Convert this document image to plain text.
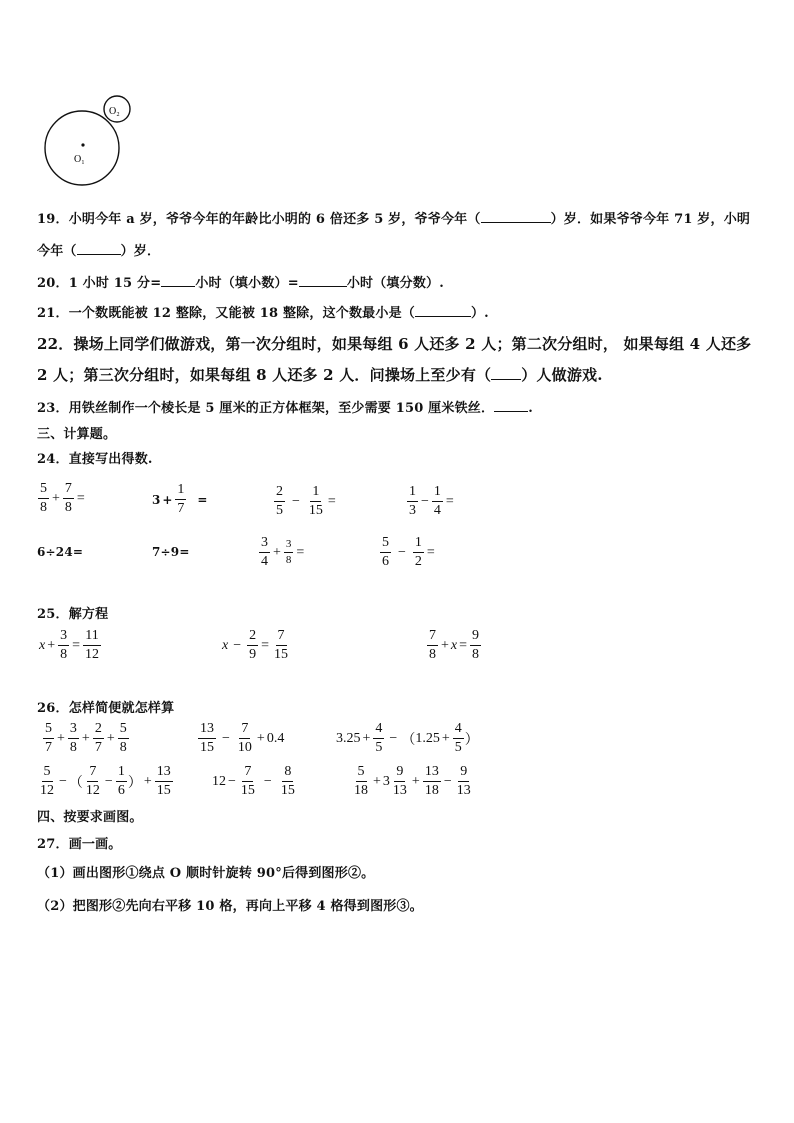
O₁
O₂
19．小明今年 a 岁，爷爷今年的年龄比小明的 6 倍还多 5 岁，爷爷今年（	）岁．如果爷爷今年 71 岁，小明
今年（	）岁．
20．1 小时 15 分=	小时（填小数）=	小时（填分数）.
21．一个数既能被 12 整除，又能被 18 整除，这个数最小是（	）.
22．操场上同学们做游戏，第一次分组时，如果每组 6 人还多 2 人；第二次分组时， 如果每组 4 人还多
2 人；第三次分组时，如果每组 8 人还多 2 人．问操场上至少有（ ）人做游戏.
23．用铁丝制作一个棱长是 5 厘米的正方体框架，至少需要 150 厘米铁丝．	.
三、计算题。
24．直接写出得数.
$\frac{5}{8} + \frac{7}{8}$ =	$3 + \frac{1}{7}$ =	$\frac{2}{5} - \frac{1}{15}$ =	$\frac{1}{3} - \frac{1}{4}$ =
6÷24=	7÷9=	$\frac{3}{4} + \frac{3}{8}$ =	$\frac{5}{6} - \frac{1}{2}$ =
25．解方程
$x + \frac{3}{8} = \frac{11}{12}$	$x - \frac{2}{9} = \frac{7}{15}$	$\frac{7}{8} + x = \frac{9}{8}$
26．怎样简便就怎样算
$\frac{5}{7} + \frac{3}{8} + \frac{2}{7} + \frac{5}{8}$	$\frac{13}{15} - \frac{7}{10} + 0.4$	$3.25 + \frac{4}{5}$ − （ $1.25 + \frac{4}{5}$ ）
$\frac{5}{12}$ − （ $\frac{7}{12} - \frac{1}{6}$ ） + $\frac{13}{15}$	$12 - \frac{7}{15} - \frac{8}{15}$	$\frac{5}{18} + 3 \frac{9}{13} + \frac{13}{18} - \frac{9}{13}$
四、按要求画图。
27．画一画。
（1）画出图形①绕点 O 顺时针旋转 90°后得到图形②。
（2）把图形②先向右平移 10 格，再向上平移 4 格得到图形③。
